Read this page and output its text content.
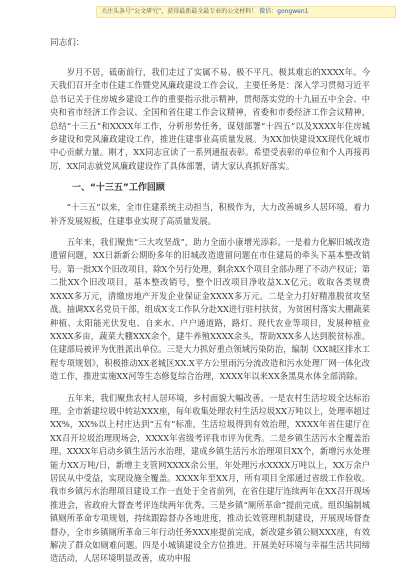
关注头条号“公文研究”，获得最新最全最专业的公文材料！ 微信：gongwen1

同志们：

岁月不居，砥砺前行，我们走过了实属不易、极不平凡、极其难忘的XXXX年。今天我们召开全市住建工作暨党风廉政建设工作会议，主要任务是：深入学习贯彻习近平总书记关于住房城乡建设工作的重要指示批示精神，贯彻落实党的十九届五中全会、中央和省市经济工作会议、全国和省住建工作会议精神，省委和市委经济工作会议精神，总结“十三五”和XXXX年工作，分析形势任务，谋划部署“十四五”以及XXXX年住房城乡建设和党风廉政建设工作，推进住建事业高质量发展。为XX加快建设XX现代化城市中心贡献力量。刚才，XX同志宣读了一系列通报表彰。希望受表彰的单位和个人再接再厉，XX同志就党风廉政建设作了具体部署，请大家认真抓好落实。

一、“十三五”工作回顾

“十三五”以来，全市住建系统主动担当，积极作为，大力改善城乡人居环境，着力补齐发展短板，住建事业实现了高质量发展。

五年来，我们聚焦“三大攻坚战”，助力全面小康增光添彩。一是着力化解旧城改造遗留问题，XX日新新公期盼多年的旧城改造遗留问题在市住建局的牵头下基本整改销号。第一批XX个旧改项目，除X个另行处理，剩余XX个项目全部办理了不动产权证；第二批XX个旧改项目，基本整改销号，整个旧改项目净收益X.X亿元。收取各类规费XXXX多万元，清缴房地产开发企业保证金XXXX多万元。二是全力打好精准脱贫攻坚战。抽调XX名党员干部，组成X支工作队分赴XX进行驻村扶贫，为贫困村落实大棚蔬菜种植、太阳能光伏发电、自来水、户户通道路，路灯、现代农业等项目，发展种植业XXXX多亩，蔬菜大棚XXX余个，建牛养殖XXXX余头，帮助XXX多人达到脱贫标准。住建部局被评为优胜派出单位。三是大力抓好重点领域污染防治，编制《XX城区排水工程专项规划》，积极推动XX老城区XX.X平方公里雨污分流改造和污水处理厂网一体化改造工作，推进实施XX河等生态修复综合治理，XXXX年以来XX条黑臭水体全部消除。

五年来，我们聚焦农村人居环境，乡村面貌大幅改善。一是农村生活垃圾全达标治理。全市新建垃圾中转站XXX座，每年收集处理农村生活垃圾XX万吨以上，处理率超过XX%，XX%以上村庄达到“五有”标准，生活垃圾得到有效治理，XXXX年省住建厅在XX召开垃圾治理现场会，XXXX年省级考评我市评为优秀。二是乡镇生活污水全覆盖治理。XXXX年启动乡镇生活污水治理，建成乡镇生活污水治理项目XX个，新增污水处理能力XX万吨/日，新增主支管网XXXX余公里，年处理污水XXXX万吨以上，XX万余户居民从中受益，实现设施全覆盖。XXXX年至XX月，所有项目全部通过省级工作验收。我市乡镇污水治理项目建设工作一直处于全省前列，在省住建厅连续两年在XX召开现场推进会，省政府大督查考评连续两年优秀。三是乡镇“厕所革命”提前完成。组织编制城镇厕所革命专项规划，持续跟踪督办各地进度，推动长效管理机制建设，开展现场督查督办，全市乡镇厕所革命三年行动任务XXX座提前完成，新改建乡镇公厕XXX座，有效解决了群众如厕难问题。四是小城镇建设全方位推进。开展美好环境与幸福生活共同缔造活动，人居环境明显改善，成功申报
